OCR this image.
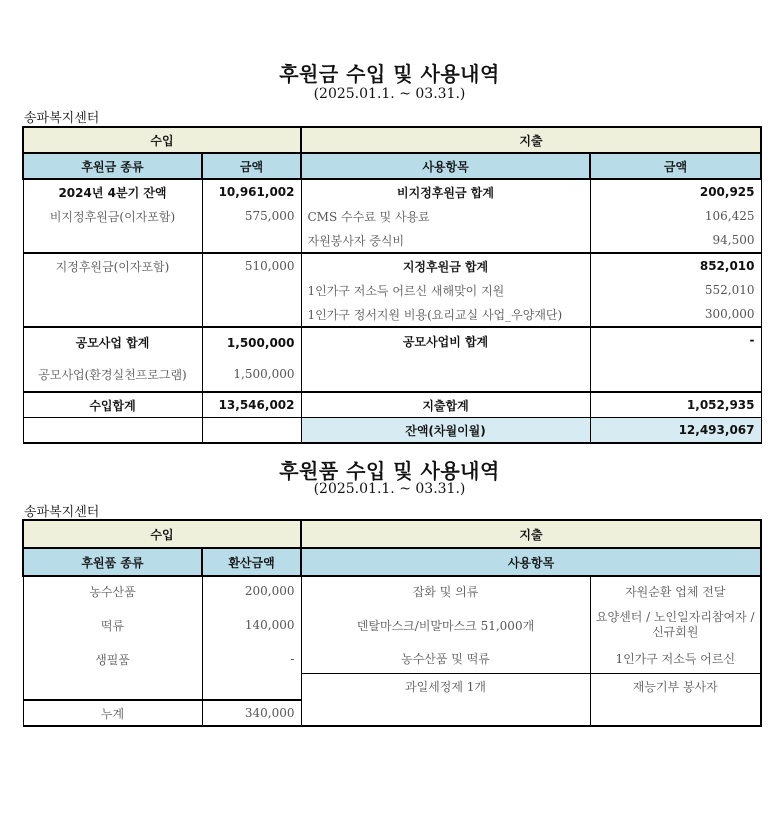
후원금 수입 및 사용내역
(2025.01.1. ~ 03.31.)
송파복지센터
수입		지출	
후원금 종류	금액	사용항목	금액
2024년 4분기 잔액	10,961,002	비지정후원금 합계	200,925
비지정후원금(이자포함)	575,000	CMS 수수료 및 사용료	106,425
		자원봉사자 중식비	94,500
지정후원금(이자포함)	510,000	지정후원금 합계	852,010
		1인가구 저소득 어르신 새해맞이 지원	552,010
		1인가구 정서지원 비용(요리교실 사업_우양재단)	300,000
공모사업 합계	1,500,000	공모사업비 합계	-
공모사업(환경실천프로그램)	1,500,000		
수입합계	13,546,002	지출합계	1,052,935
		잔액(차월이월)	12,493,067
후원품 수입 및 사용내역
(2025.01.1. ~ 03.31.)
송파복지센터
수입		지출	
후원품 종류	환산금액	사용항목	
농수산품	200,000	잡화 및 의류	자원순환 업체 전달
떡류	140,000	덴탈마스크/비말마스크 51,000개	요양센터 / 노인일자리참여자 / 신규회원
생필품	-	농수산품 및 떡류	1인가구 저소득 어르신
		과일세정제 1개	재능기부 봉사자
누계	340,000		
